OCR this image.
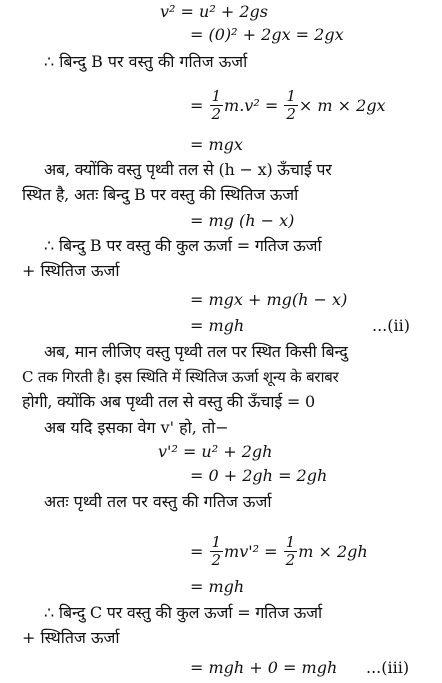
v² = u² + 2gs
= (0)² + 2gx = 2gx
∴ बिन्दु B पर वस्तु की गतिज ऊर्जा
=
$\frac{1}{2} m.v^2$ =
$\frac{1}{2} \times m \times 2gx$
= mgx
अब, क्योंकि वस्तु पृथ्वी तल से (h − x) ऊँचाई पर
स्थित है, अतः बिन्दु B पर वस्तु की स्थितिज ऊर्जा
= mg (h − x)
∴ बिन्दु B पर वस्तु की कुल ऊर्जा = गतिज ऊर्जा
+ स्थितिज ऊर्जा
= mgx + mg(h − x)
= mgh	...(ii)
अब, मान लीजिए वस्तु पृथ्वी तल पर स्थित किसी बिन्दु
C तक गिरती है। इस स्थिति में स्थितिज ऊर्जा शून्य के बराबर
होगी, क्योंकि अब पृथ्वी तल से वस्तु की ऊँचाई = 0
अब यदि इसका वेग v' हो, तो−
v'² = u² + 2gh
= 0 + 2gh = 2gh
अतः पृथ्वी तल पर वस्तु की गतिज ऊर्जा
=
$\frac{1}{2} mv'^2$ =
$\frac{1}{2}$ m × 2gh
= mgh
∴ बिन्दु C पर वस्तु की कुल ऊर्जा = गतिज ऊर्जा
+ स्थितिज ऊर्जा
= mgh + 0 = mgh ...(iii)
